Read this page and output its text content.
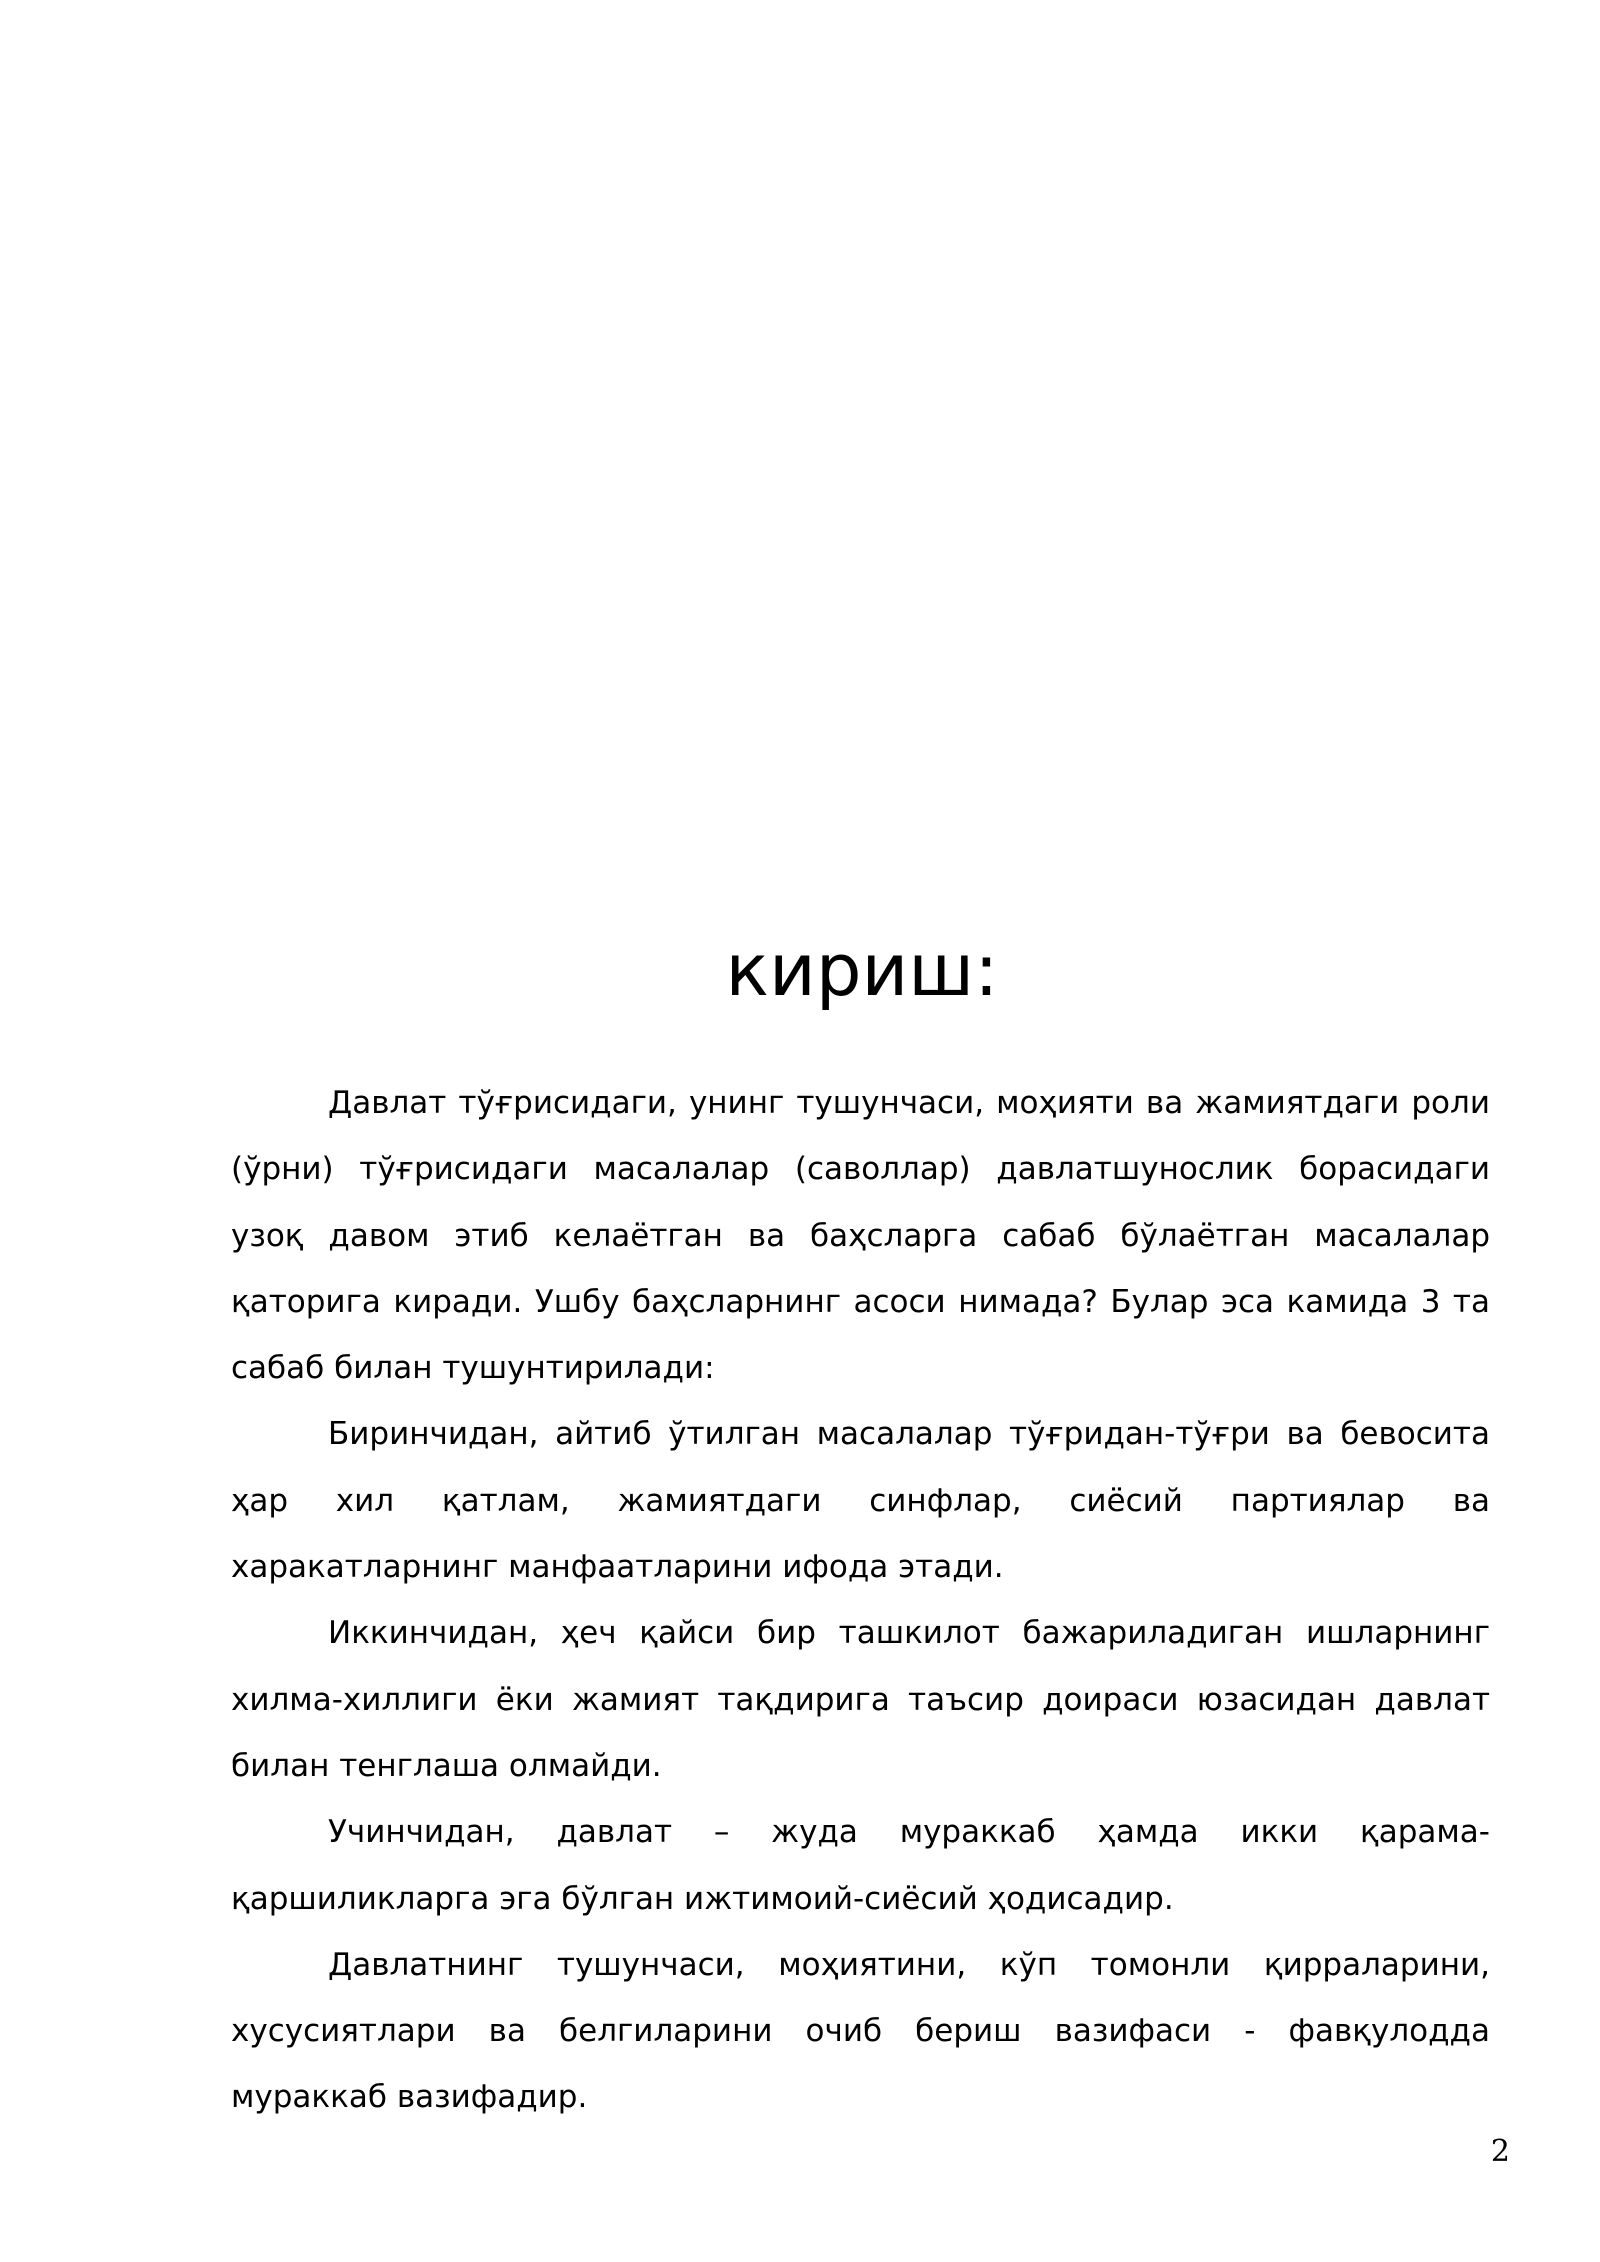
кириш:

Давлат тўғрисидаги, унинг тушунчаси, моҳияти ва жамиятдаги роли (ўрни) тўғрисидаги масалалар (саволлар) давлатшунослик борасидаги узоқ давом этиб келаётган ва баҳсларга сабаб бўлаётган масалалар қаторига киради. Ушбу баҳсларнинг асоси нимада? Булар эса камида 3 та сабаб билан тушунтирилади:

Биринчидан, айтиб ўтилган масалалар тўғридан-тўғри ва бевосита ҳар хил қатлам, жамиятдаги синфлар, сиёсий партиялар ва харакатларнинг манфаатларини ифода этади.

Иккинчидан, ҳеч қайси бир ташкилот бажариладиган ишларнинг хилма-хиллиги ёки жамият тақдирига таъсир доираси юзасидан давлат билан тенглаша олмайди.

Учинчидан, давлат – жуда мураккаб ҳамда икки қарама-қаршиликларга эга бўлган ижтимоий-сиёсий ҳодисадир.

Давлатнинг тушунчаси, моҳиятини, кўп томонли қирраларини, хусусиятлари ва белгиларини очиб бериш вазифаси - фавқулодда мураккаб вазифадир.

2
